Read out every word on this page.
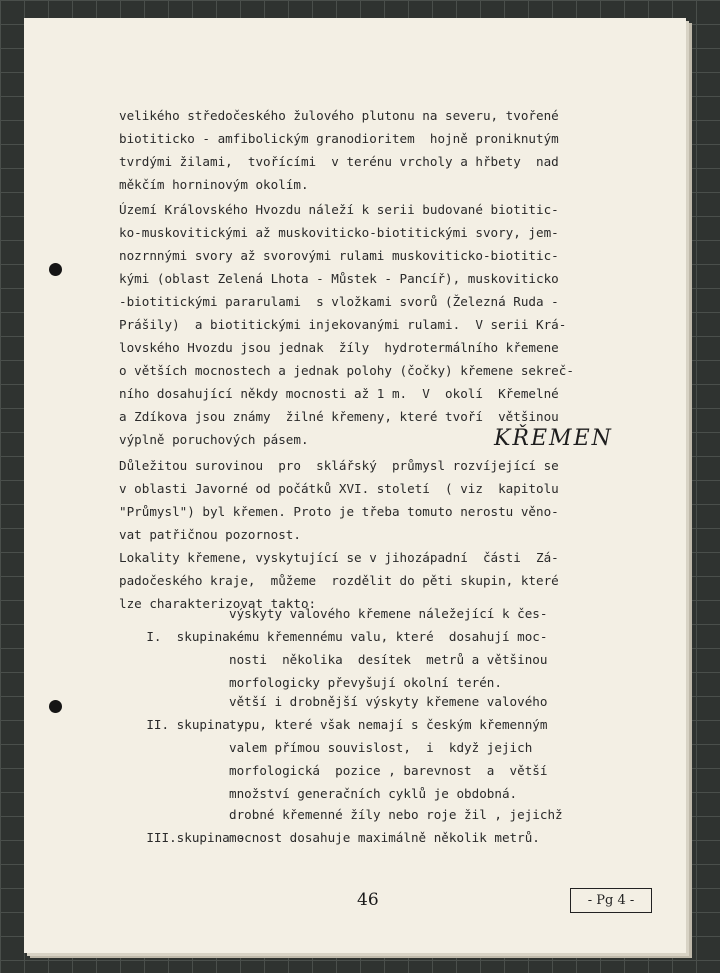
velikého středočeského žulového plutonu na severu, tvořené
biotiticko - amfibolickým granodioritem  hojně proniknutým
tvrdými žilami,  tvořícími  v terénu vrcholy a hřbety  nad
měkčím horninovým okolím.
Území Královského Hvozdu náleží k serii budované biotitic-
ko-muskovitickými až muskoviticko-biotitickými svory, jem-
nozrnnými svory až svorovými rulami muskoviticko-biotitic-
kými (oblast Zelená Lhota - Můstek - Pancíř), muskoviticko
-biotitickými pararulami  s vložkami svorů (Železná Ruda -
Prášily)  a biotitickými injekovanými rulami.  V serii Krá-
lovského Hvozdu jsou jednak  žíly  hydrotermálního křemene
o větších mocnostech a jednak polohy (čočky) křemene sekreč-
ního dosahující někdy mocnosti až 1 m.  V  okolí  Křemelné
a Zdíkova jsou známy  žilné křemeny, které tvoří  většinou
výplně poruchových pásem.	KŘEMEN
Důležitou surovinou  pro  sklářský  průmysl rozvíjející se
v oblasti Javorné od počátků XVI. století  ( viz  kapitolu
"Průmysl") byl křemen. Proto je třeba tomuto nerostu věno-
vat patřičnou pozornost.
Lokality křemene, vyskytující se v jihozápadní  části  Zá-
padočeského kraje,  můžeme  rozdělit do pěti skupin, které
lze charakterizovat takto:

I.  skupina -

výskyty valového křemene náležející k čes-
kému křemennému valu, které  dosahují moc-
nosti  několika  desítek  metrů a většinou
morfologicky převyšují okolní terén.

II. skupina -

větší i drobnější výskyty křemene valového
typu, které však nemají s českým křemenným
valem přímou souvislost,  i  když jejich
morfologická  pozice , barevnost  a  větší
množství generačních cyklů je obdobná.

III.skupina -

drobné křemenné žíly nebo roje žil , jejichž
mocnost dosahuje maximálně několik metrů.

46	- Pg 4 -
